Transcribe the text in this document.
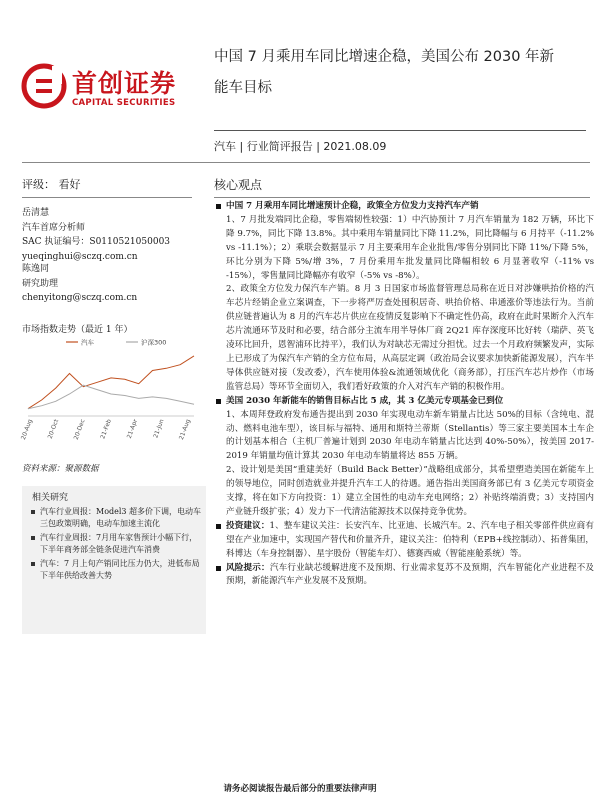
首创证券
CAPITAL SECURITIES
中国 7 月乘用车同比增速企稳，美国公布 2030 年新
能车目标
汽车 | 行业简评报告 | 2021.08.09
评级： 看好
岳清慧
汽车首席分析师
SAC 执证编号：S0110521050003
yueqinghui@sczq.com.cn
陈逸同
研究助理
chenyitong@sczq.com.cn
市场指数走势（最近 1 年）
汽车	沪深300
20-Aug 20-Oct 20-Dec 21-Feb 21-Apr 21-Jun 21-Aug
资料来源：聚源数据
相关研究
汽车行业周报：Model3 超多价下调，电动车三包政策明确，电动车加速主流化
汽车行业周报：7月用车家售预计小幅下行，下半年商务部全链条促进汽车消费
汽车：7 月上旬产销同比压力仍大，进低布局下半年供给改善大势
核心观点
中国 7 月乘用车同比增速预计企稳，政策全方位发力支持汽车产销
1、7 月批发端同比企稳，零售端韧性较强：1）中汽协预计 7 月汽车销量为 182 万辆，环比下降 9.7%，同比下降 13.8%。其中乘用车销量同比下降 11.2%，同比降幅与 6 月持平（-11.2% vs -11.1%）；2）乘联会数据显示 7 月主要乘用车企业批售/零售分别同比下降 11%/下降 5%，环比分别为下降 5%/增 3%，7 月份乘用车批发量同比降幅相较 6 月显著收窄（-11% vs -15%），零售量同比降幅亦有收窄（-5% vs -8%）。
2、政策全方位发力保汽车产销。8 月 3 日国家市场监督管理总局称在近日对涉嫌哄抬价格的汽车芯片经销企业立案调查，下一步将严厉查处囤积居奇、哄抬价格、串通涨价等违法行为。当前供应链普遍认为 8 月的汽车芯片供应在疫情反复影响下不确定性仍高，政府在此时果断介入汽车芯片流通环节及时和必要，结合部分主流车用半导体厂商 2Q21 库存深度环比好转（瑞萨、英飞凌环比回升，恩智浦环比持平），我们认为对缺芯无需过分担忧。过去一个月政府频繁发声，实际上已形成了为保汽车产销的全方位布局，从高层定调（政治局会议要求加快新能源发展），汽车半导体供应链对接（发改委），汽车使用体验&流通领域优化（商务部），打压汽车芯片炒作（市场监管总局）等环节全面切入，我们看好政策的介入对汽车产销的积极作用。
美国 2030 年新能车的销售目标占比 5 成，其 3 亿美元专项基金已到位
1、本周拜登政府发布通告提出到 2030 年实现电动车新车销量占比达 50%的目标（含纯电、混动、燃料电池车型），该目标与福特、通用和斯特兰蒂斯（Stellantis）等三家主要美国本土车企的计划基本相合（主机厂普遍计划到 2030 年电动车销量占比达到 40%-50%），按美国 2017-2019 年销量均值计算其 2030 年电动车销量将达 855 万辆。
2、设计划是美国“重建美好（Build Back Better）”战略组成部分，其希望塑造美国在新能车上的领导地位，同时创造就业并提升汽车工人的待遇。通告指出美国商务部已有 3 亿美元专项资金支撑，将在如下方向投资：1）建立全国性的电动车充电网络；2）补贴终端消费；3）支持国内产业链升级扩张；4）发力下一代清洁能源技术以保持竞争优势。
投资建议：1、整车建议关注：长安汽车、比亚迪、长城汽车。2、汽车电子相关零部件供应商有望在产业加速中，实现国产替代和价量齐升，建议关注：伯特利（EPB+线控制动）、拓普集团，科博达（车身控制器）、星宇股份（智能车灯）、德赛西威（智能座舱系统）等。
风险提示：汽车行业缺芯缓解进度不及预期、行业需求复苏不及预期，汽车智能化产业进程不及预期，新能源汽车产业发展不及预期。
请务必阅读报告最后部分的重要法律声明
